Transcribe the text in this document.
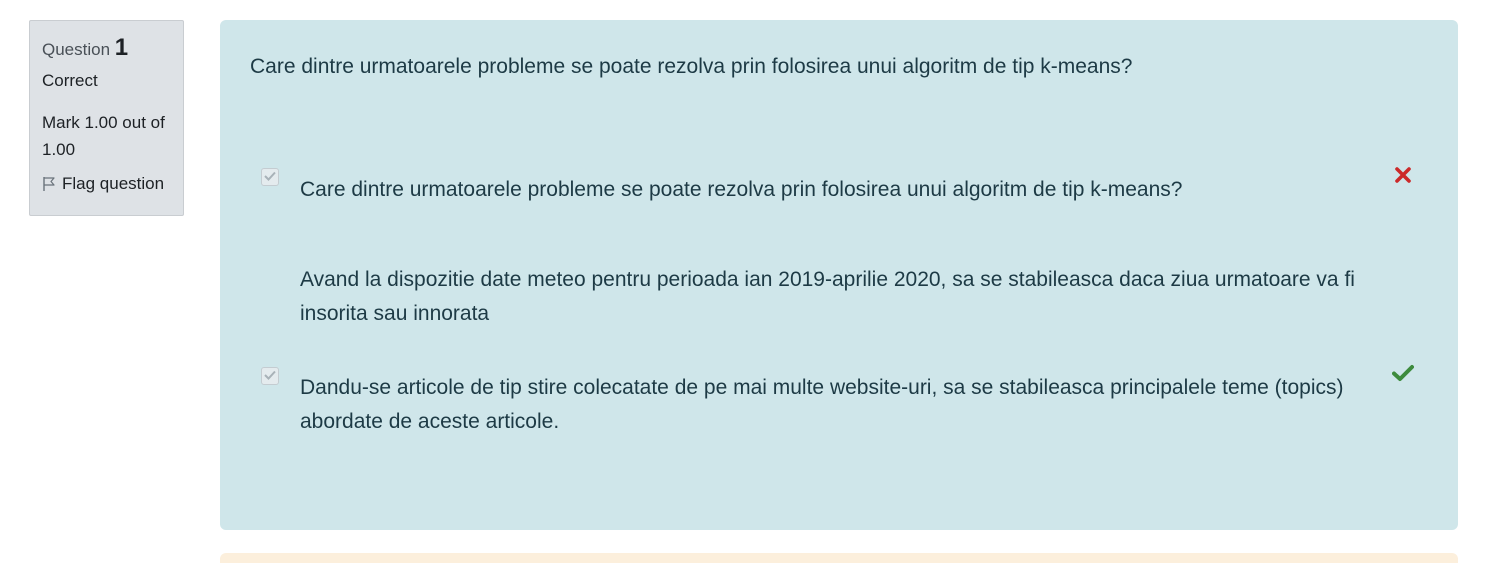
Question 1
Correct
Mark 1.00 out of 1.00
Flag question
Care dintre urmatoarele probleme se poate rezolva prin folosirea unui algoritm de tip k-means?
Care dintre urmatoarele probleme se poate rezolva prin folosirea unui algoritm de tip k-means?
Avand la dispozitie date meteo pentru perioada ian 2019-aprilie 2020, sa se stabileasca daca ziua urmatoare va fi insorita sau innorata
Dandu-se articole de tip stire colecatate de pe mai multe website-uri, sa se stabileasca principalele teme (topics) abordate de aceste articole.
